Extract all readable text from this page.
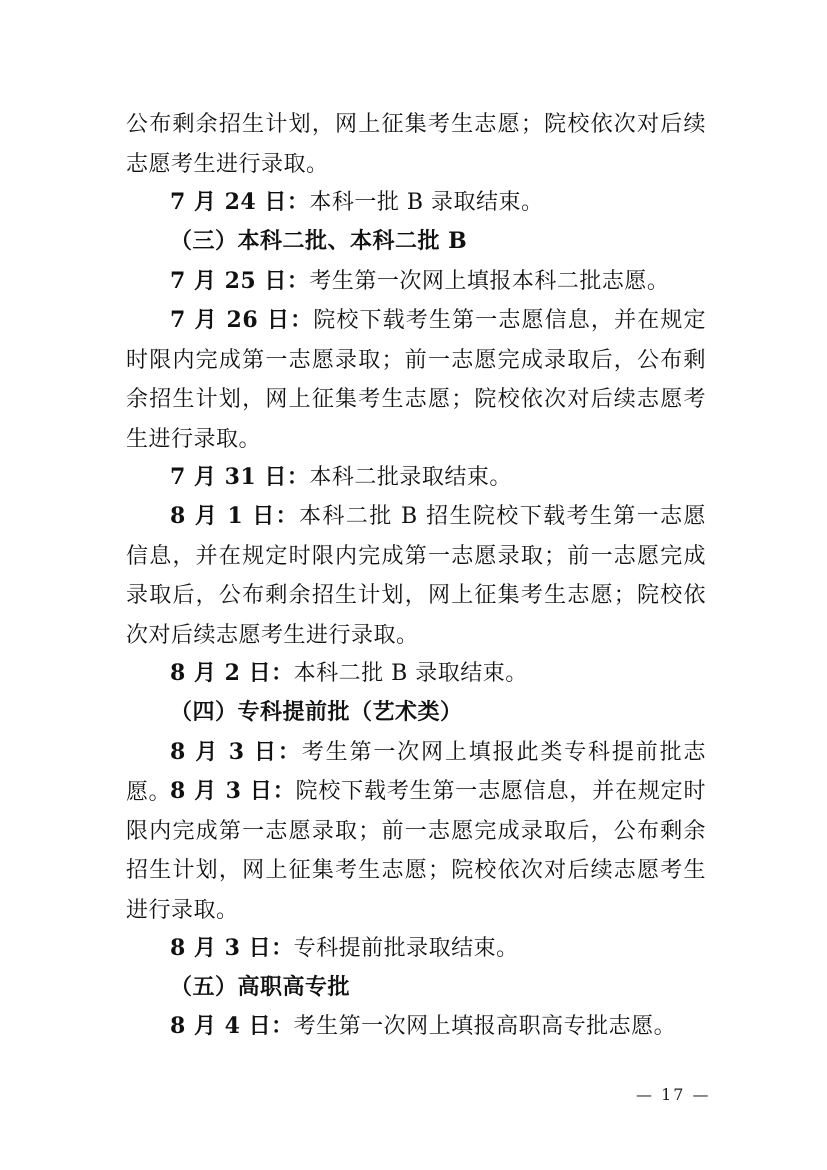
公布剩余招生计划，网上征集考生志愿；院校依次对后续志愿考生进行录取。

7 月 24 日：本科一批 B 录取结束。

（三）本科二批、本科二批 B

7 月 25 日：考生第一次网上填报本科二批志愿。

7 月 26 日：院校下载考生第一志愿信息，并在规定时限内完成第一志愿录取；前一志愿完成录取后，公布剩余招生计划，网上征集考生志愿；院校依次对后续志愿考生进行录取。

7 月 31 日：本科二批录取结束。

8 月 1 日：本科二批 B 招生院校下载考生第一志愿信息，并在规定时限内完成第一志愿录取；前一志愿完成录取后，公布剩余招生计划，网上征集考生志愿；院校依次对后续志愿考生进行录取。

8 月 2 日：本科二批 B 录取结束。

（四）专科提前批（艺术类）

8 月 3 日：考生第一次网上填报此类专科提前批志愿。

8 月 3 日：院校下载考生第一志愿信息，并在规定时限内完成第一志愿录取；前一志愿完成录取后，公布剩余招生计划，网上征集考生志愿；院校依次对后续志愿考生进行录取。

8 月 3 日：专科提前批录取结束。

（五）高职高专批

8 月 4 日：考生第一次网上填报高职高专批志愿。

— 17 —
